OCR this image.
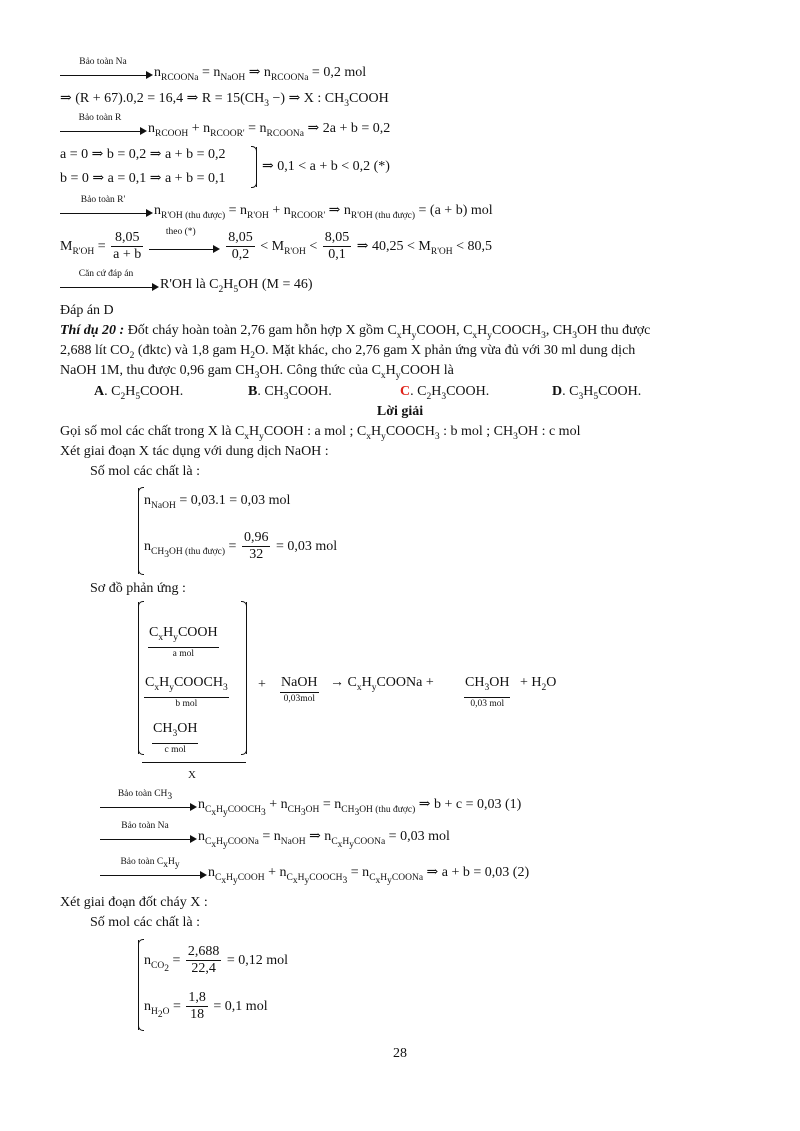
Bảo toàn Na
$n_{RCOONa} = n_{NaOH}$ ⇒ $n_{RCOONa} = 0,2$ mol
⇒ (R + 67).0,2 = 16,4 ⇒ $R = 15(CH_3$ −) ⇒ X : $CH_3COOH$
Bảo toàn R
$n_{RCOOH} + n_{RCOOR'} = n_{RCOONa}$ ⇒ 2a + b = 0,2
a = 0 ⇒ b = 0,2 ⇒ a + b = 0,2
b = 0 ⇒ a = 0,1 ⇒ a + b = 0,1
⇒ 0,1 < a + b < 0,2 (*)
Bảo toàn R'
$n_{R'OH (thu được)} = n_{R'OH} + n_{RCOOR'}$ ⇒ $n_{R'OH (thu được)} = (a + b)$ mol
$M_{R'OH} = \frac{8,05}{a + b}$
	theo (*)
	$\frac{8,05}{0,2} < M_{R'OH} < \frac{8,05}{0,1}$ ⇒ $40,25 < M_{R'OH} < 80,5$
Căn cứ đáp án
R'OH là $C_2H_5OH$ (M = 46)
Đáp án D
Thí dụ 20 : Đốt cháy hoàn toàn 2,76 gam hỗn hợp X gồm $C_xH_yCOOH$, $C_xH_yCOOCH_3$, $CH_3OH$ thu được
2,688 lít $CO_2$ (đktc) và 1,8 gam $H_2O$. Mặt khác, cho 2,76 gam X phản ứng vừa đủ với 30 ml dung dịch
NaOH 1M, thu được 0,96 gam $CH_3OH$. Công thức của $C_xH_yCOOH$ là
A. $C_2H_5COOH$.	B. $CH_3COOH$.	C. $C_2H_3COOH$.	D. $C_3H_5COOH$.
Lời giải
Gọi số mol các chất trong X là $C_xH_yCOOH$ : a mol ; $C_xH_yCOOCH_3$ : b mol ; $CH_3OH$ : c mol
Xét giai đoạn X tác dụng với dung dịch NaOH :
Số mol các chất là :
$n_{NaOH} = 0,03.1 = 0,03$ mol
$n_{CH_3OH (thu được)} = \frac{0,96}{32} = 0,03$ mol
Sơ đồ phản ứng :
$C_xH_yCOOH$
a mol
$C_xH_yCOOCH_3$
b mol
$CH_3OH$
c mol
X
+ NaOH
0,03mol
→ $C_xH_yCOONa + CH_3OH$
0,03 mol
+ $H_2O$
Bảo toàn $CH_3$
$n_{C_xH_yCOOCH_3} + n_{CH_3OH} = n_{CH_3OH (thu được)}$ ⇒ b + c = 0,03 (1)
Bảo toàn Na
$n_{C_xH_yCOONa} = n_{NaOH}$ ⇒ $n_{C_xH_yCOONa} = 0,03$ mol
Bảo toàn $C_xH_y$
$n_{C_xH_yCOOH} + n_{C_xH_yCOOCH_3} = n_{C_xH_yCOONa}$ ⇒ a + b = 0,03 (2)
Xét giai đoạn đốt cháy X :
Số mol các chất là :
$n_{CO_2} = \frac{2,688}{22,4} = 0,12$ mol
$n_{H_2O} = \frac{1,8}{18} = 0,1$ mol
28
